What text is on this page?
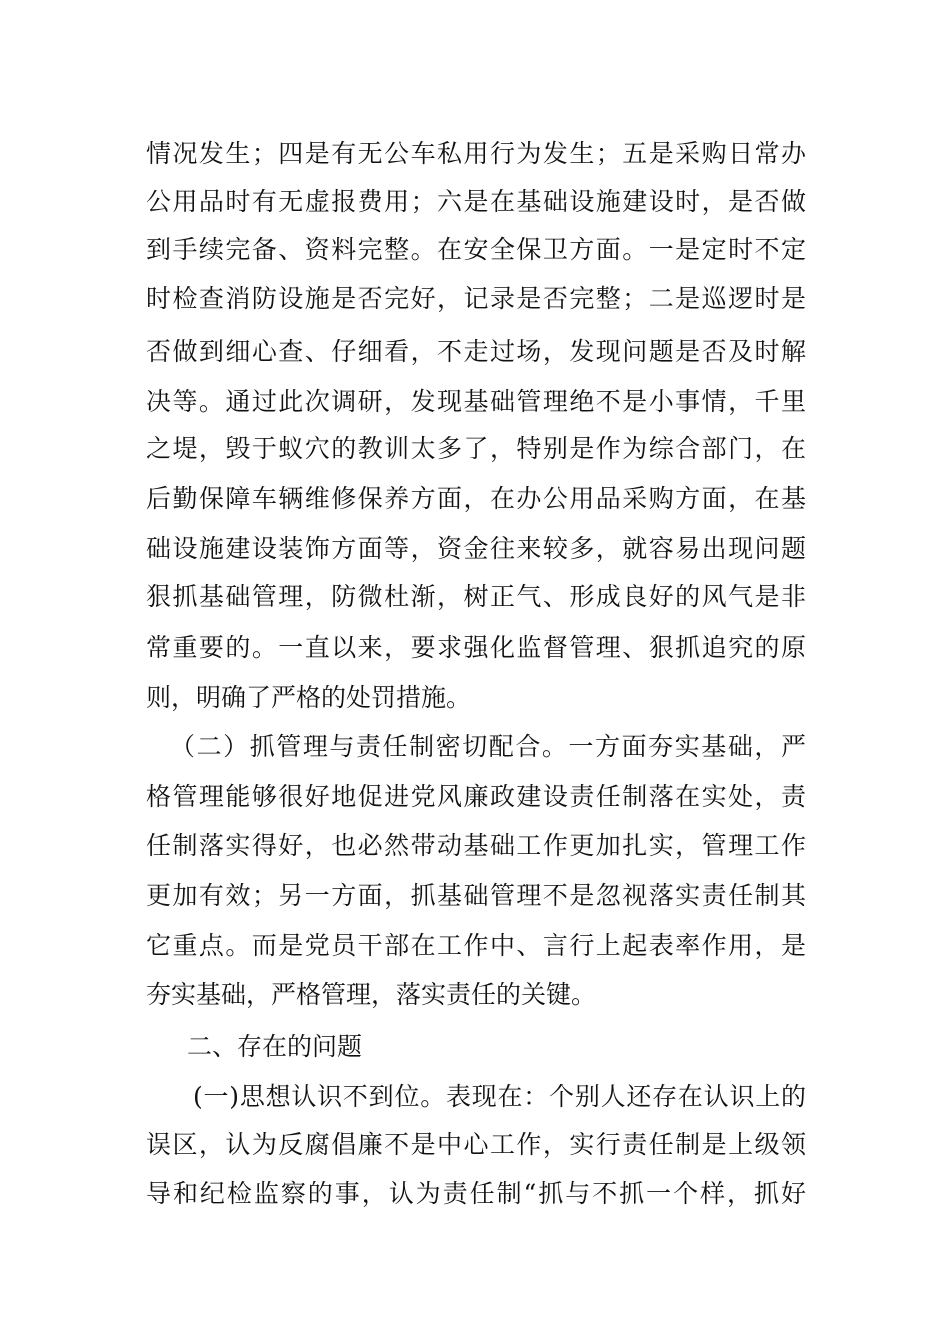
情况发生；四是有无公车私用行为发生；五是采购日常办
公用品时有无虚报费用；六是在基础设施建设时，是否做
到手续完备、资料完整。在安全保卫方面。一是定时不定
时检查消防设施是否完好，记录是否完整；二是巡逻时是
否做到细心查、仔细看，不走过场，发现问题是否及时解
决等。通过此次调研，发现基础管理绝不是小事情，千里
之堤，毁于蚁穴的教训太多了，特别是作为综合部门，在
后勤保障车辆维修保养方面，在办公用品采购方面，在基
础设施建设装饰方面等，资金往来较多，就容易出现问题
狠抓基础管理，防微杜渐，树正气、形成良好的风气是非
常重要的。一直以来，要求强化监督管理、狠抓追究的原
则，明确了严格的处罚措施。
（二）抓管理与责任制密切配合。一方面夯实基础，严
格管理能够很好地促进党风廉政建设责任制落在实处，责
任制落实得好，也必然带动基础工作更加扎实，管理工作
更加有效；另一方面，抓基础管理不是忽视落实责任制其
它重点。而是党员干部在工作中、言行上起表率作用，是
夯实基础，严格管理，落实责任的关键。
二、存在的问题
(一)思想认识不到位。表现在：个别人还存在认识上的
误区，认为反腐倡廉不是中心工作，实行责任制是上级领
导和纪检监察的事，认为责任制“抓与不抓一个样，抓好
